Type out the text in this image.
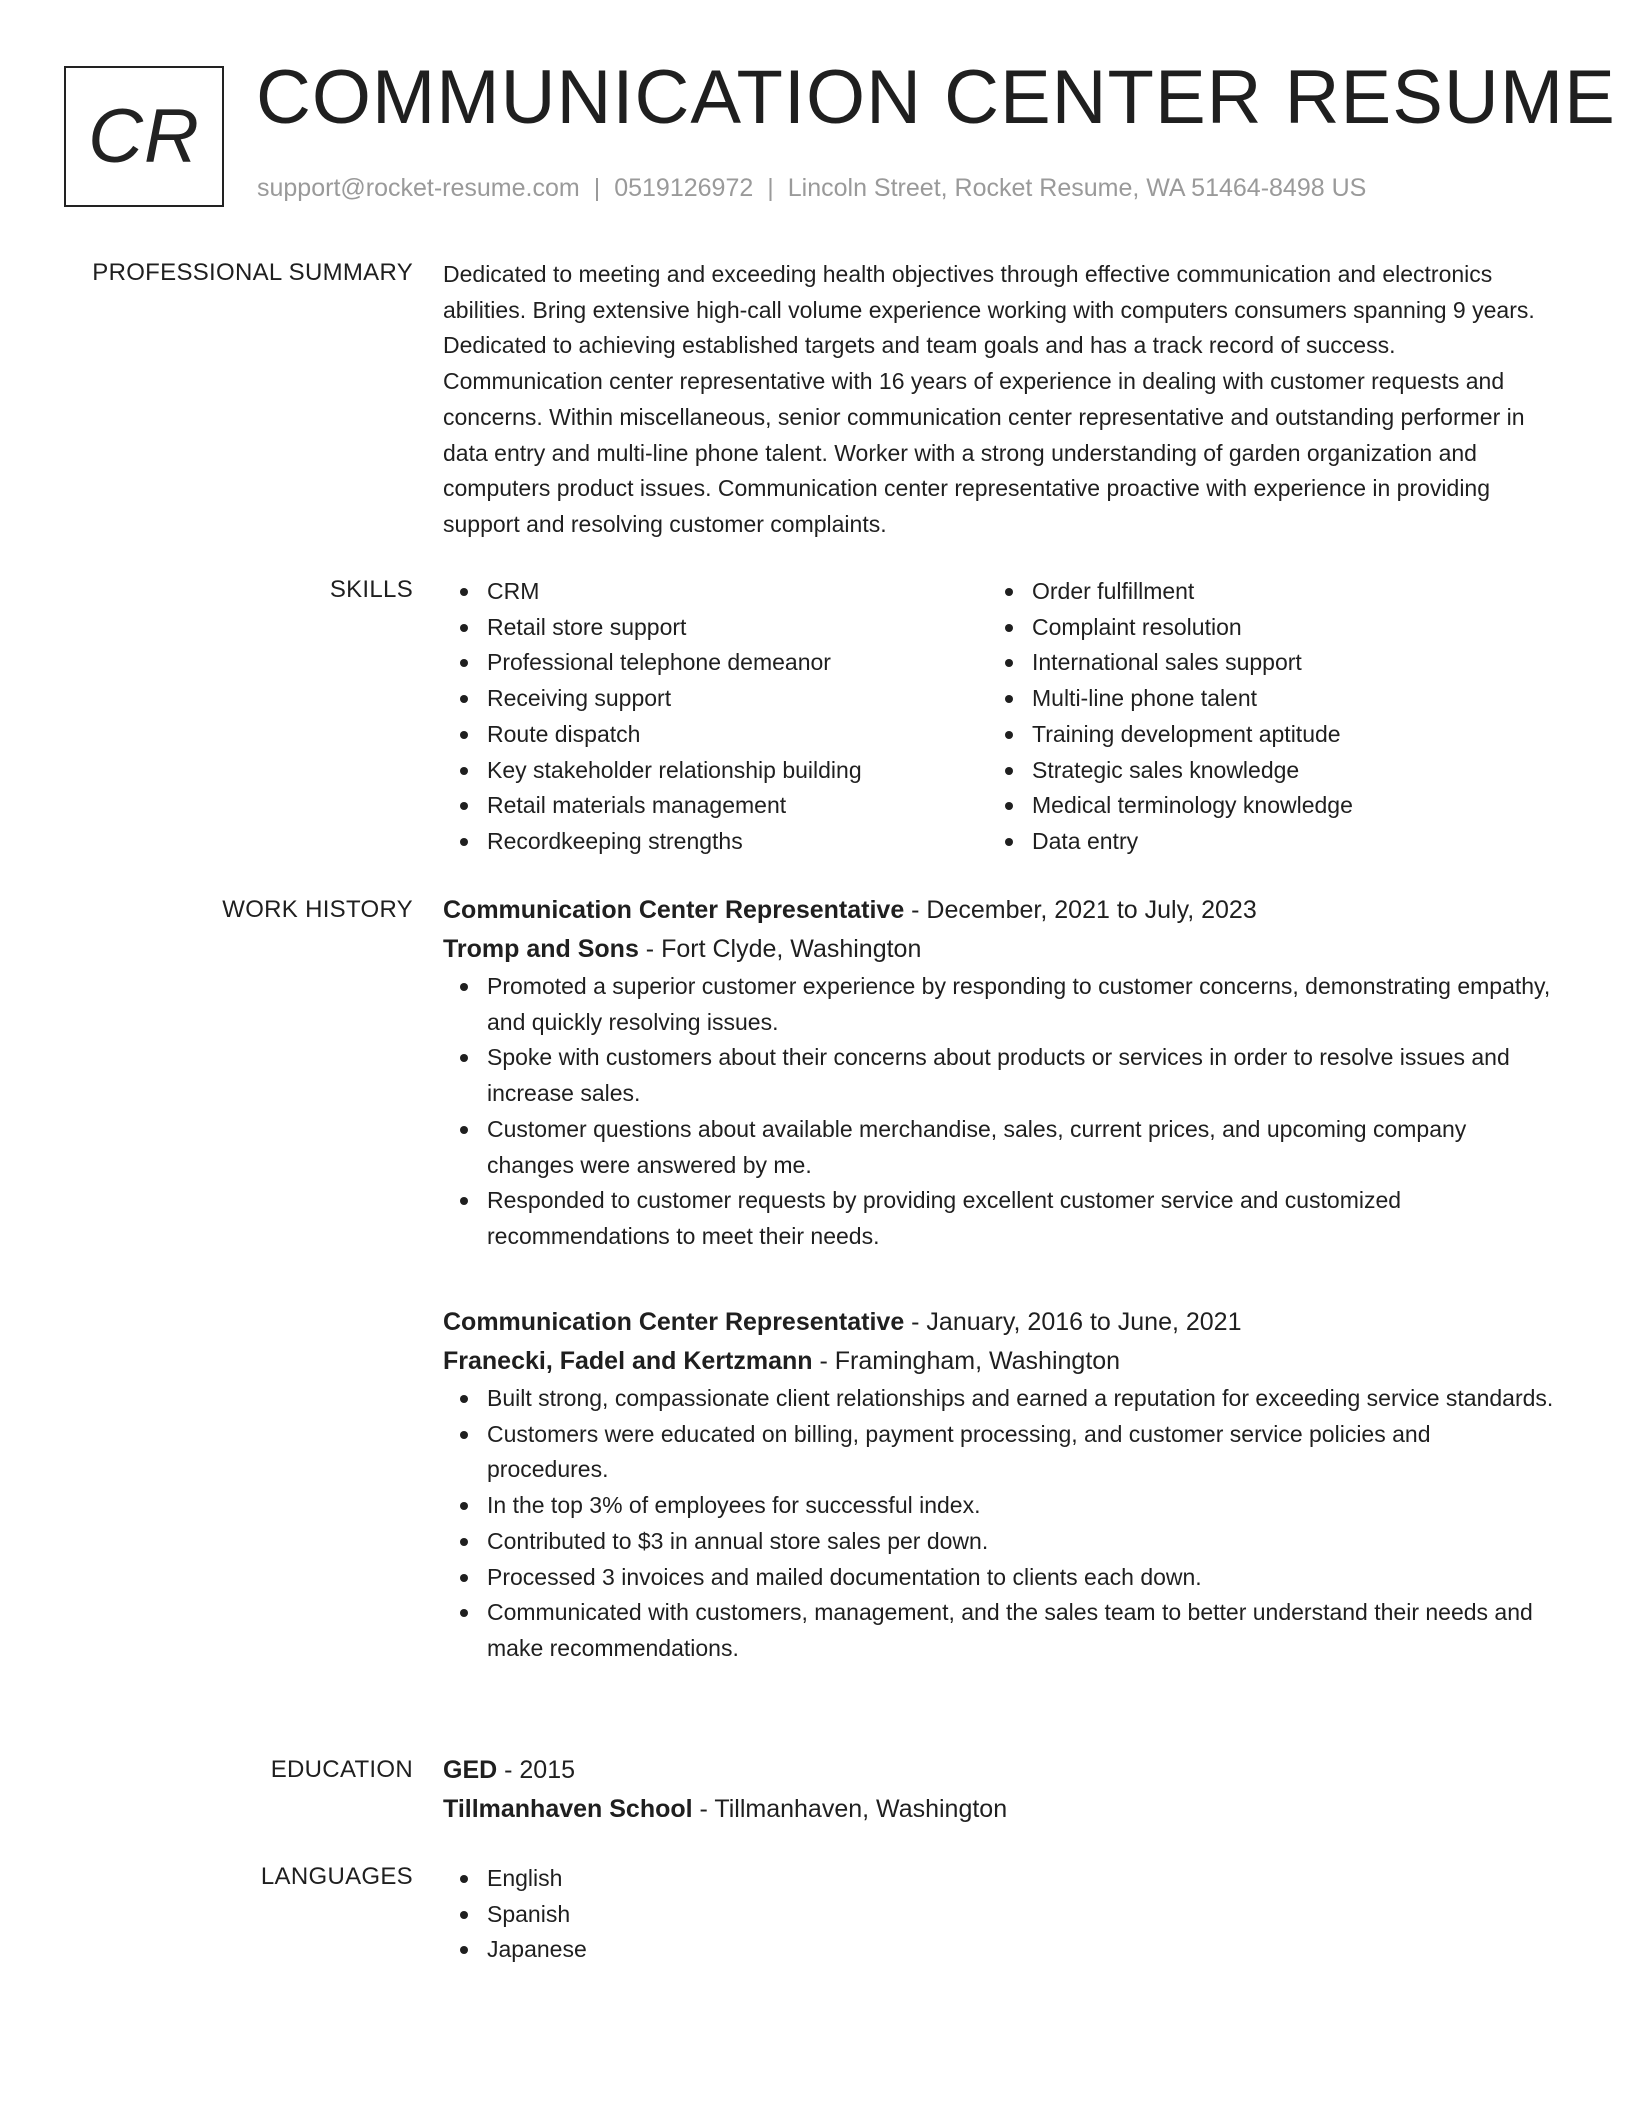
CR COMMUNICATION CENTER RESUME
support@rocket-resume.com | 0519126972 | Lincoln Street, Rocket Resume, WA 51464-8498 US
PROFESSIONAL SUMMARY Dedicated to meeting and exceeding health objectives through effective communication and electronics abilities. Bring extensive high-call volume experience working with computers consumers spanning 9 years. Dedicated to achieving established targets and team goals and has a track record of success. Communication center representative with 16 years of experience in dealing with customer requests and concerns. Within miscellaneous, senior communication center representative and outstanding performer in data entry and multi-line phone talent. Worker with a strong understanding of garden organization and computers product issues. Communication center representative proactive with experience in providing support and resolving customer complaints.

SKILLS	CRM
Retail store support
Professional telephone demeanor
Receiving support
Route dispatch
Key stakeholder relationship building
Retail materials management
Recordkeeping strengths
Order fulfillment
Complaint resolution
International sales support
Multi-line phone talent
Training development aptitude
Strategic sales knowledge
Medical terminology knowledge
Data entry
WORK HISTORY Communication Center Representative - December, 2021 to July, 2023
Tromp and Sons - Fort Clyde, Washington
Promoted a superior customer experience by responding to customer concerns, demonstrating empathy, and quickly resolving issues.
Spoke with customers about their concerns about products or services in order to resolve issues and increase sales.
Customer questions about available merchandise, sales, current prices, and upcoming company changes were answered by me.
Responded to customer requests by providing excellent customer service and customized recommendations to meet their needs.
Communication Center Representative - January, 2016 to June, 2021
Franecki, Fadel and Kertzmann - Framingham, Washington
Built strong, compassionate client relationships and earned a reputation for exceeding service standards.
Customers were educated on billing, payment processing, and customer service policies and procedures.
In the top 3% of employees for successful index.
Contributed to $3 in annual store sales per down.
Processed 3 invoices and mailed documentation to clients each down.
Communicated with customers, management, and the sales team to better understand their needs and make recommendations.
EDUCATION GED - 2015
Tillmanhaven School - Tillmanhaven, Washington
LANGUAGES	English
Spanish
Japanese
